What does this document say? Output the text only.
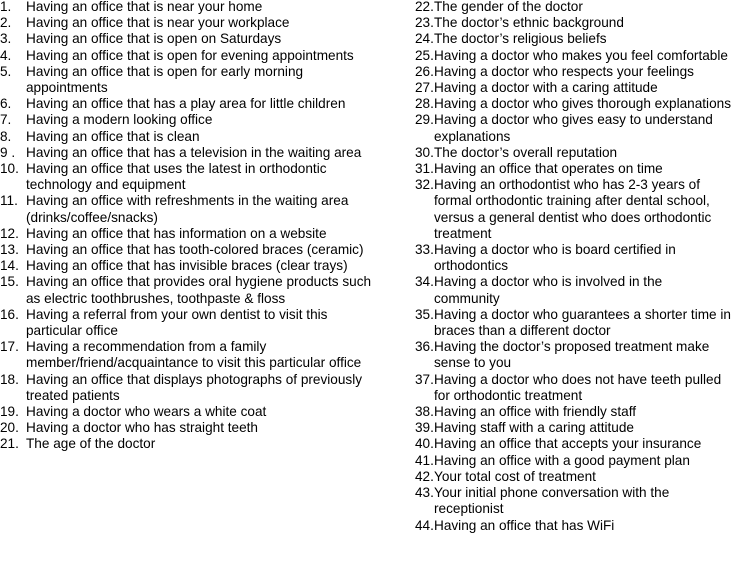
1.	Having an office that is near your home
2.	Having an office that is near your workplace
3.	Having an office that is open on Saturdays
4.	Having an office that is open for evening appointments
5.	Having an office that is open for early morning appointments
6.	Having an office that has a play area for little children
7.	Having a modern looking office
8.	Having an office that is clean
9 . Having an office that has a television in the waiting area
10. Having an office that uses the latest in orthodontic technology and equipment
11. Having an office with refreshments in the waiting area (drinks/coffee/snacks)
12. Having an office that has information on a website
13. Having an office that has tooth-colored braces (ceramic)
14. Having an office that has invisible braces (clear trays)
15. Having an office that provides oral hygiene products such as electric toothbrushes, toothpaste & floss
16. Having a referral from your own dentist to visit this particular office
17. Having a recommendation from a family member/friend/acquaintance to visit this particular office
18. Having an office that displays photographs of previously treated patients
19. Having a doctor who wears a white coat
20. Having a doctor who has straight teeth
21. The age of the doctor
22. The gender of the doctor
23. The doctor’s ethnic background
24. The doctor’s religious beliefs
25. Having a doctor who makes you feel comfortable
26. Having a doctor who respects your feelings
27. Having a doctor with a caring attitude
28. Having a doctor who gives thorough explanations
29. Having a doctor who gives easy to understand explanations
30. The doctor’s overall reputation
31. Having an office that operates on time
32. Having an orthodontist who has 2-3 years of formal orthodontic training after dental school, versus a general dentist who does orthodontic treatment
33. Having a doctor who is board certified in orthodontics
34. Having a doctor who is involved in the community
35. Having a doctor who guarantees a shorter time in braces than a different doctor
36. Having the doctor’s proposed treatment make sense to you
37. Having a doctor who does not have teeth pulled for orthodontic treatment
38. Having an office with friendly staff
39. Having staff with a caring attitude
40. Having an office that accepts your insurance
41. Having an office with a good payment plan
42. Your total cost of treatment
43. Your initial phone conversation with the receptionist
44. Having an office that has WiFi
